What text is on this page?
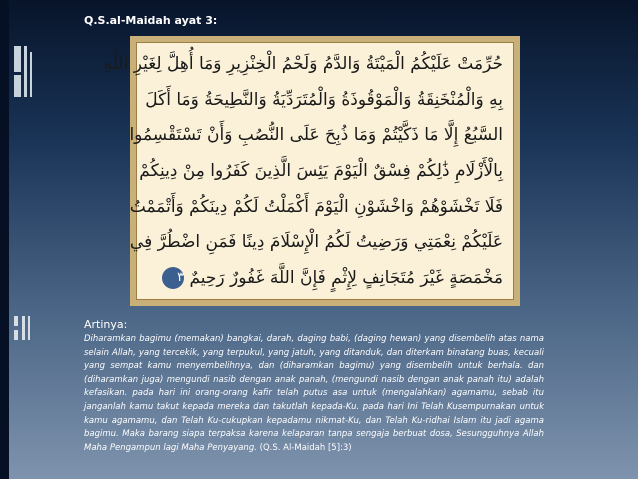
Q.S.al-Maidah ayat 3:
حُرِّمَتْ عَلَيْكُمُ الْمَيْتَةُ وَالدَّمُ وَلَحْمُ الْخِنْزِيرِ وَمَا أُهِلَّ لِغَيْرِ اللَّهِ
بِهِ وَالْمُنْخَنِقَةُ وَالْمَوْقُوذَةُ وَالْمُتَرَدِّيَةُ وَالنَّطِيحَةُ وَمَا أَكَلَ
السَّبُعُ إِلَّا مَا ذَكَّيْتُمْ وَمَا ذُبِحَ عَلَى النُّصُبِ وَأَنْ تَسْتَقْسِمُوا
بِالْأَزْلَامِ ذَٰلِكُمْ فِسْقٌ الْيَوْمَ يَئِسَ الَّذِينَ كَفَرُوا مِنْ دِينِكُمْ
فَلَا تَخْشَوْهُمْ وَاخْشَوْنِ الْيَوْمَ أَكْمَلْتُ لَكُمْ دِينَكُمْ وَأَتْمَمْتُ
عَلَيْكُمْ نِعْمَتِي وَرَضِيتُ لَكُمُ الْإِسْلَامَ دِينًا فَمَنِ اضْطُرَّ فِي
مَخْمَصَةٍ غَيْرَ مُتَجَانِفٍ لِإِثْمٍ فَإِنَّ اللَّهَ غَفُورٌ رَحِيمٌ ٣
Artinya:
Diharamkan bagimu (memakan) bangkai, darah, daging babi, (daging hewan) yang disembelih atas nama selain Allah, yang tercekik, yang terpukul, yang jatuh, yang ditanduk, dan diterkam binatang buas, kecuali yang sempat kamu menyembelihnya, dan (diharamkan bagimu) yang disembelih untuk berhala. dan (diharamkan juga) mengundi nasib dengan anak panah, (mengundi nasib dengan anak panah itu) adalah kefasikan. pada hari ini orang-orang kafir telah putus asa untuk (mengalahkan) agamamu, sebab itu janganlah kamu takut kepada mereka dan takutlah kepada-Ku. pada hari Ini Telah Kusempurnakan untuk kamu agamamu, dan Telah Ku-cukupkan kepadamu nikmat-Ku, dan Telah Ku-ridhai Islam itu jadi agama bagimu. Maka barang siapa terpaksa karena kelaparan tanpa sengaja berbuat dosa, Sesungguhnya Allah Maha Pengampun lagi Maha Penyayang. (Q.S. Al-Maidah [5]:3)
